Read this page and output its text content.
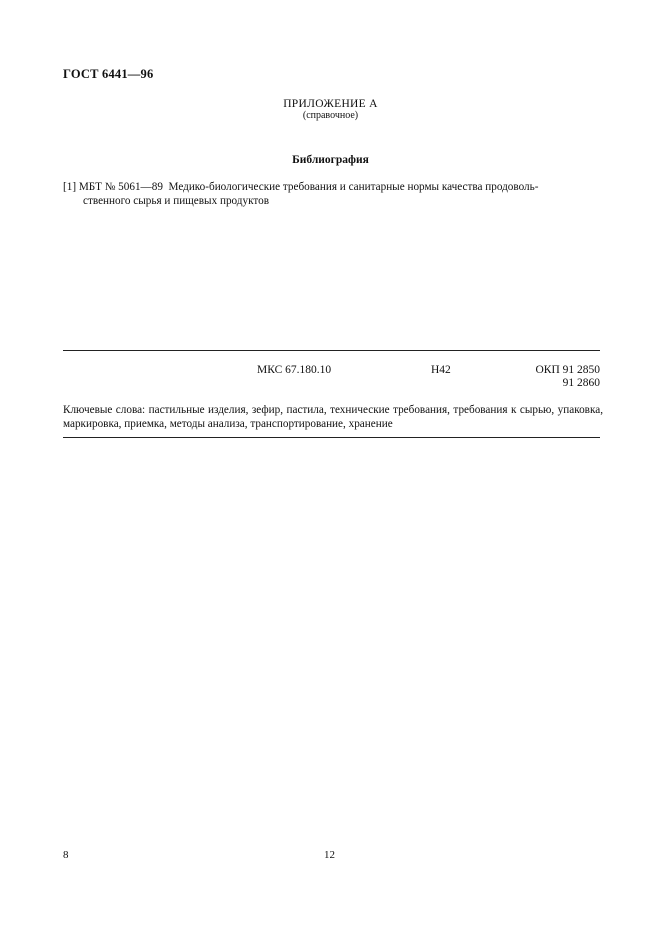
ГОСТ 6441—96
ПРИЛОЖЕНИЕ А
(справочное)
Библиография
[1] МБТ № 5061—89 Медико-биологические требования и санитарные нормы качества продоволь-
ственного сырья и пищевых продуктов
МКС 67.180.10	Н42	ОКП 91 2850
91 2860
Ключевые слова: пастильные изделия, зефир, пастила, технические требования, требования к сырью, упаковка, маркировка, приемка, методы анализа, транспортирование, хранение
8	12
